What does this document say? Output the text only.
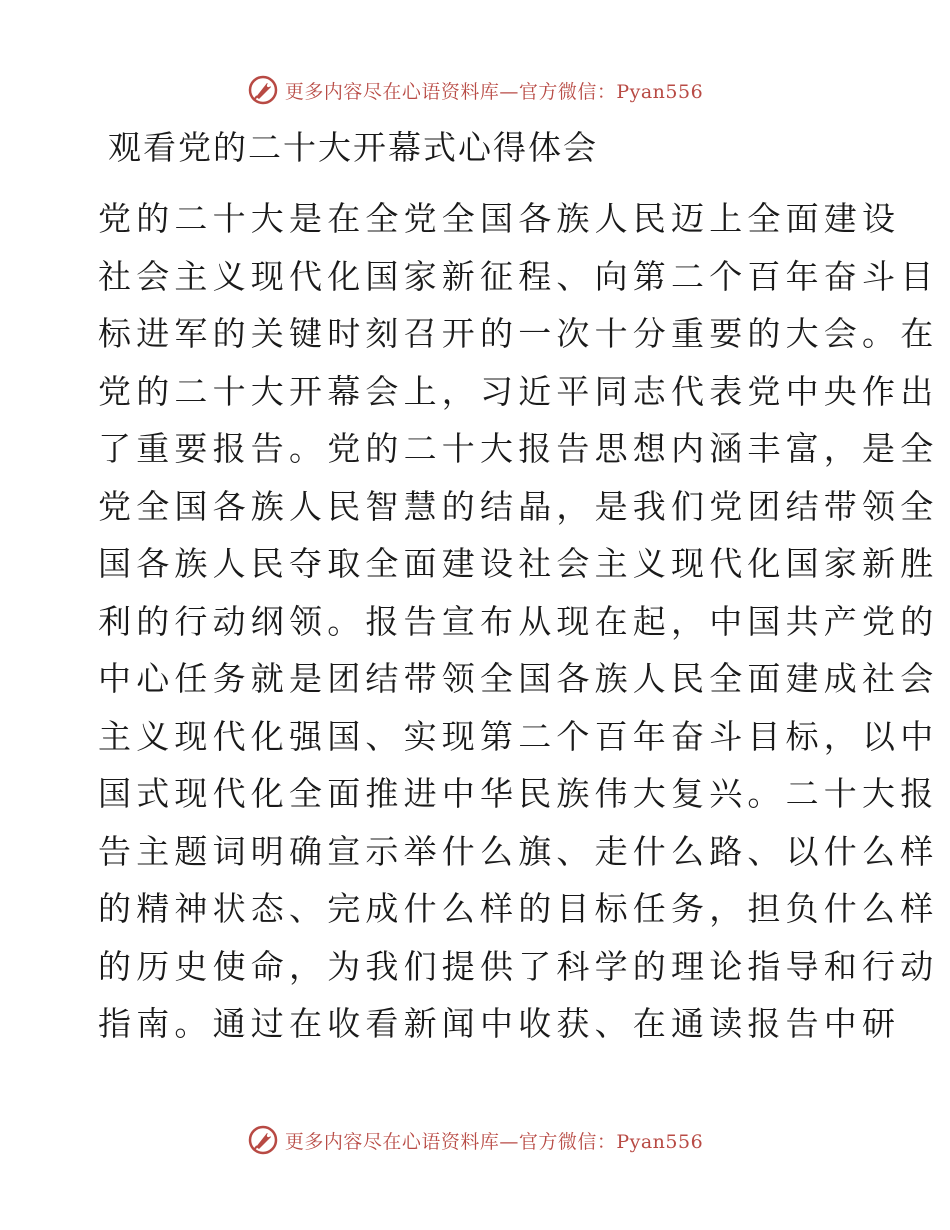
更多内容尽在心语资料库—官方微信：Pyan556
观看党的二十大开幕式心得体会
党的二十大是在全党全国各族人民迈上全面建设
社会主义现代化国家新征程、向第二个百年奋斗目
标进军的关键时刻召开的一次十分重要的大会。在
党的二十大开幕会上，习近平同志代表党中央作出
了重要报告。党的二十大报告思想内涵丰富，是全
党全国各族人民智慧的结晶，是我们党团结带领全
国各族人民夺取全面建设社会主义现代化国家新胜
利的行动纲领。报告宣布从现在起，中国共产党的
中心任务就是团结带领全国各族人民全面建成社会
主义现代化强国、实现第二个百年奋斗目标，以中
国式现代化全面推进中华民族伟大复兴。二十大报
告主题词明确宣示举什么旗、走什么路、以什么样
的精神状态、完成什么样的目标任务，担负什么样
的历史使命，为我们提供了科学的理论指导和行动
指南。通过在收看新闻中收获、在通读报告中研
更多内容尽在心语资料库—官方微信：Pyan556
